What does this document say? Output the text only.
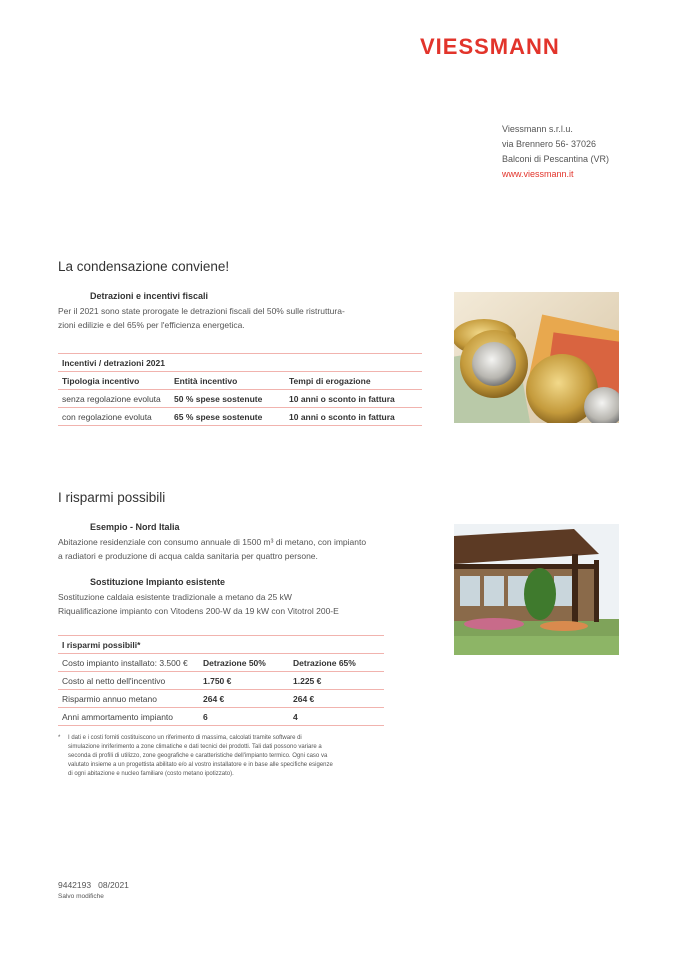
VIESSMANN
Viessmann s.r.l.u.
via Brennero 56- 37026
Balconi di Pescantina (VR)
www.viessmann.it
La condensazione conviene!
Detrazioni e incentivi fiscali
Per il 2021 sono state prorogate le detrazioni fiscali del 50% sulle ristruttura-
zioni edilizie e del 65% per l'efficienza energetica.
Incentivi / detrazioni 2021		
Tipologia incentivo	Entità incentivo	Tempi di erogazione
senza regolazione evoluta	50 % spese sostenute	10 anni o sconto in fattura
con regolazione evoluta	65 % spese sostenute	10 anni o sconto in fattura
I risparmi possibili
Esempio - Nord Italia
Abitazione residenziale con consumo annuale di 1500 m³ di metano, con impianto
a radiatori e produzione di acqua calda sanitaria per quattro persone.
Sostituzione Impianto esistente
Sostituzione caldaia esistente tradizionale a metano da 25 kW
Riqualificazione impianto con Vitodens 200-W da 19 kW con Vitotrol 200-E
I risparmi possibili*		
Costo impianto installato: 3.500 €	Detrazione 50%	Detrazione 65%
Costo al netto dell'incentivo	1.750 €	1.225 €
Risparmio annuo metano	264 €	264 €
Anni ammortamento impianto	6	4
*	I dati e i costi forniti costituiscono un riferimento di massima, calcolati tramite software di
simulazione inriferimento a zone climatiche e dati tecnici dei prodotti. Tali dati possono variare a
seconda di profili di utilizzo, zone geografiche e caratteristiche dell'impianto termico. Ogni caso va
valutato insieme a un progettista abilitato e/o al vostro installatore e in base alle specifiche esigenze
di ogni abitazione e nucleo familiare (costo metano ipotizzato).
9442193   08/2021
Salvo modifiche
